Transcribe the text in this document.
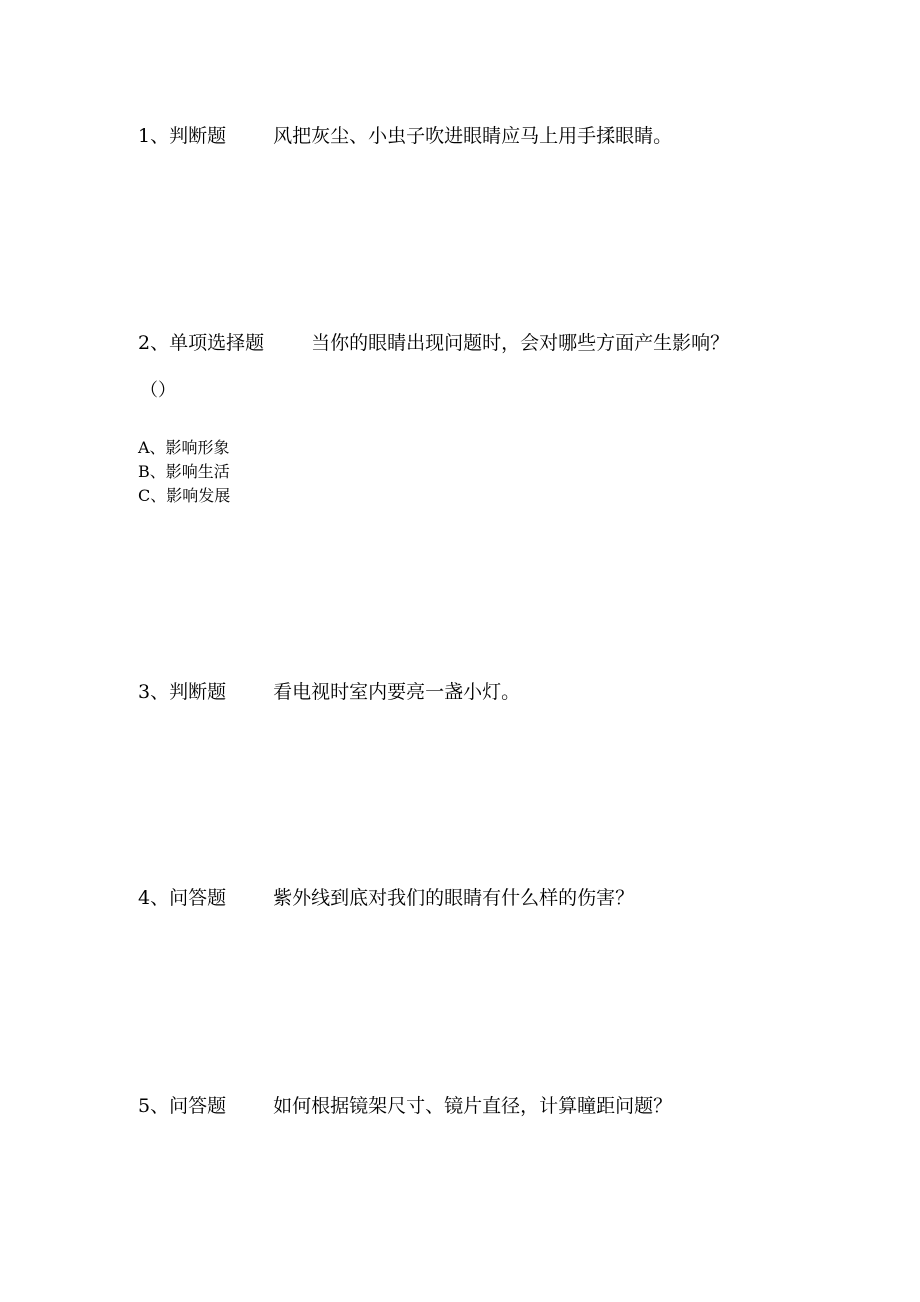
1、判断题 风把灰尘、小虫子吹进眼睛应马上用手揉眼睛。
2、单项选择题 当你的眼睛出现问题时，会对哪些方面产生影响？
（）
A、影响形象
B、影响生活
C、影响发展
3、判断题 看电视时室内要亮一盏小灯。
4、问答题 紫外线到底对我们的眼睛有什么样的伤害？
5、问答题 如何根据镜架尺寸、镜片直径，计算瞳距问题？
